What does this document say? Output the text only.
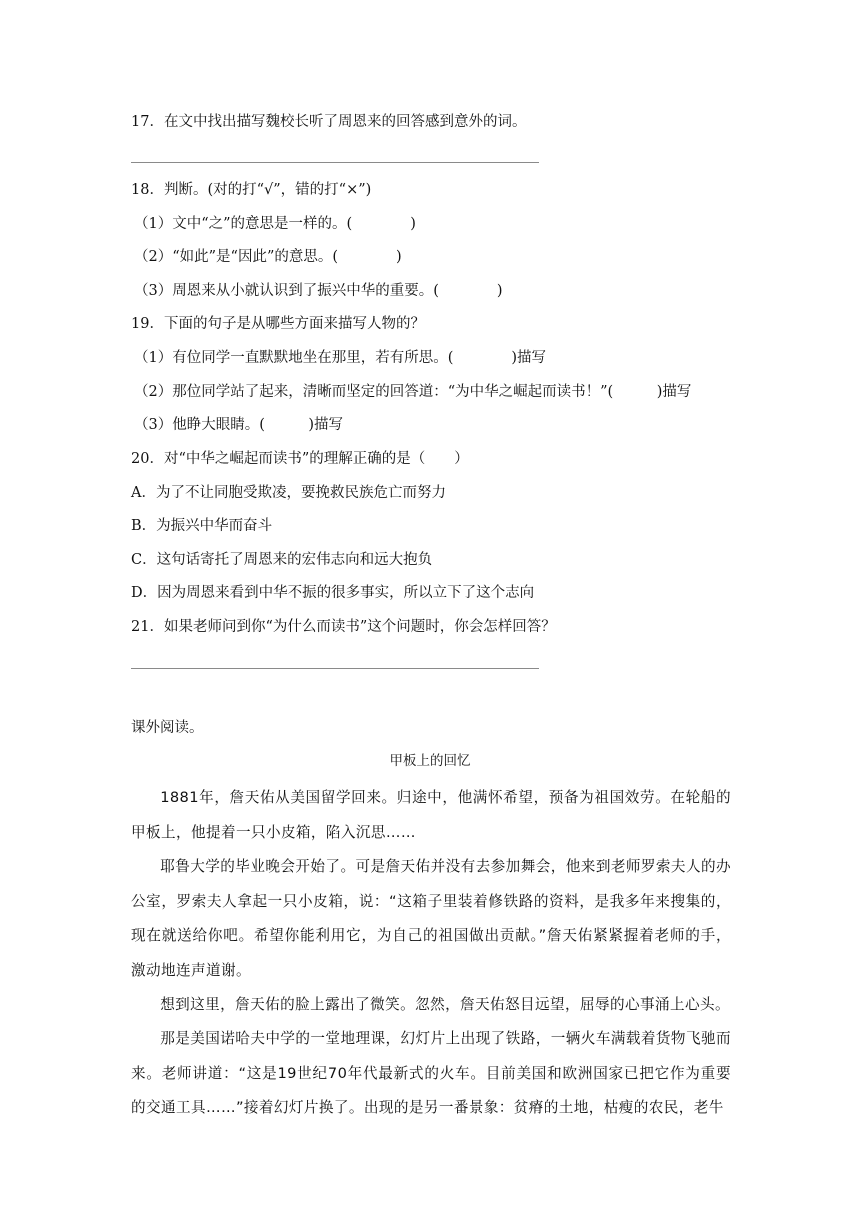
17．在文中找出描写魏校长听了周恩来的回答感到意外的词。
18．判断。(对的打“√”，错的打“×”)
（1）文中“之”的意思是一样的。(　　　　)
（2）“如此”是“因此”的意思。(　　　　)
（3）周恩来从小就认识到了振兴中华的重要。(　　　　)
19．下面的句子是从哪些方面来描写人物的？
（1）有位同学一直默默地坐在那里，若有所思。(　　　　)描写
（2）那位同学站了起来，清晰而坚定的回答道：“为中华之崛起而读书！”(　　　)描写
（3）他睁大眼睛。(　　　)描写
20．对“中华之崛起而读书”的理解正确的是（　　）
A．为了不让同胞受欺凌，要挽救民族危亡而努力
B．为振兴中华而奋斗
C．这句话寄托了周恩来的宏伟志向和远大抱负
D．因为周恩来看到中华不振的很多事实，所以立下了这个志向
21．如果老师问到你“为什么而读书”这个问题时，你会怎样回答？
课外阅读。
甲板上的回忆
1881年，詹天佑从美国留学回来。归途中，他满怀希望，预备为祖国效劳。在轮船的甲板上，他提着一只小皮箱，陷入沉思……
耶鲁大学的毕业晚会开始了。可是詹天佑并没有去参加舞会，他来到老师罗索夫人的办公室，罗索夫人拿起一只小皮箱，说：“这箱子里装着修铁路的资料，是我多年来搜集的，现在就送给你吧。希望你能利用它，为自己的祖国做出贡献。”詹天佑紧紧握着老师的手，激动地连声道谢。
想到这里，詹天佑的脸上露出了微笑。忽然，詹天佑怒目远望，屈辱的心事涌上心头。
那是美国诺哈夫中学的一堂地理课，幻灯片上出现了铁路，一辆火车满载着货物飞驰而来。老师讲道：“这是19世纪70年代最新式的火车。目前美国和欧洲国家已把它作为重要的交通工具……”接着幻灯片换了。出现的是另一番景象：贫瘠的土地，枯瘦的农民，老牛
